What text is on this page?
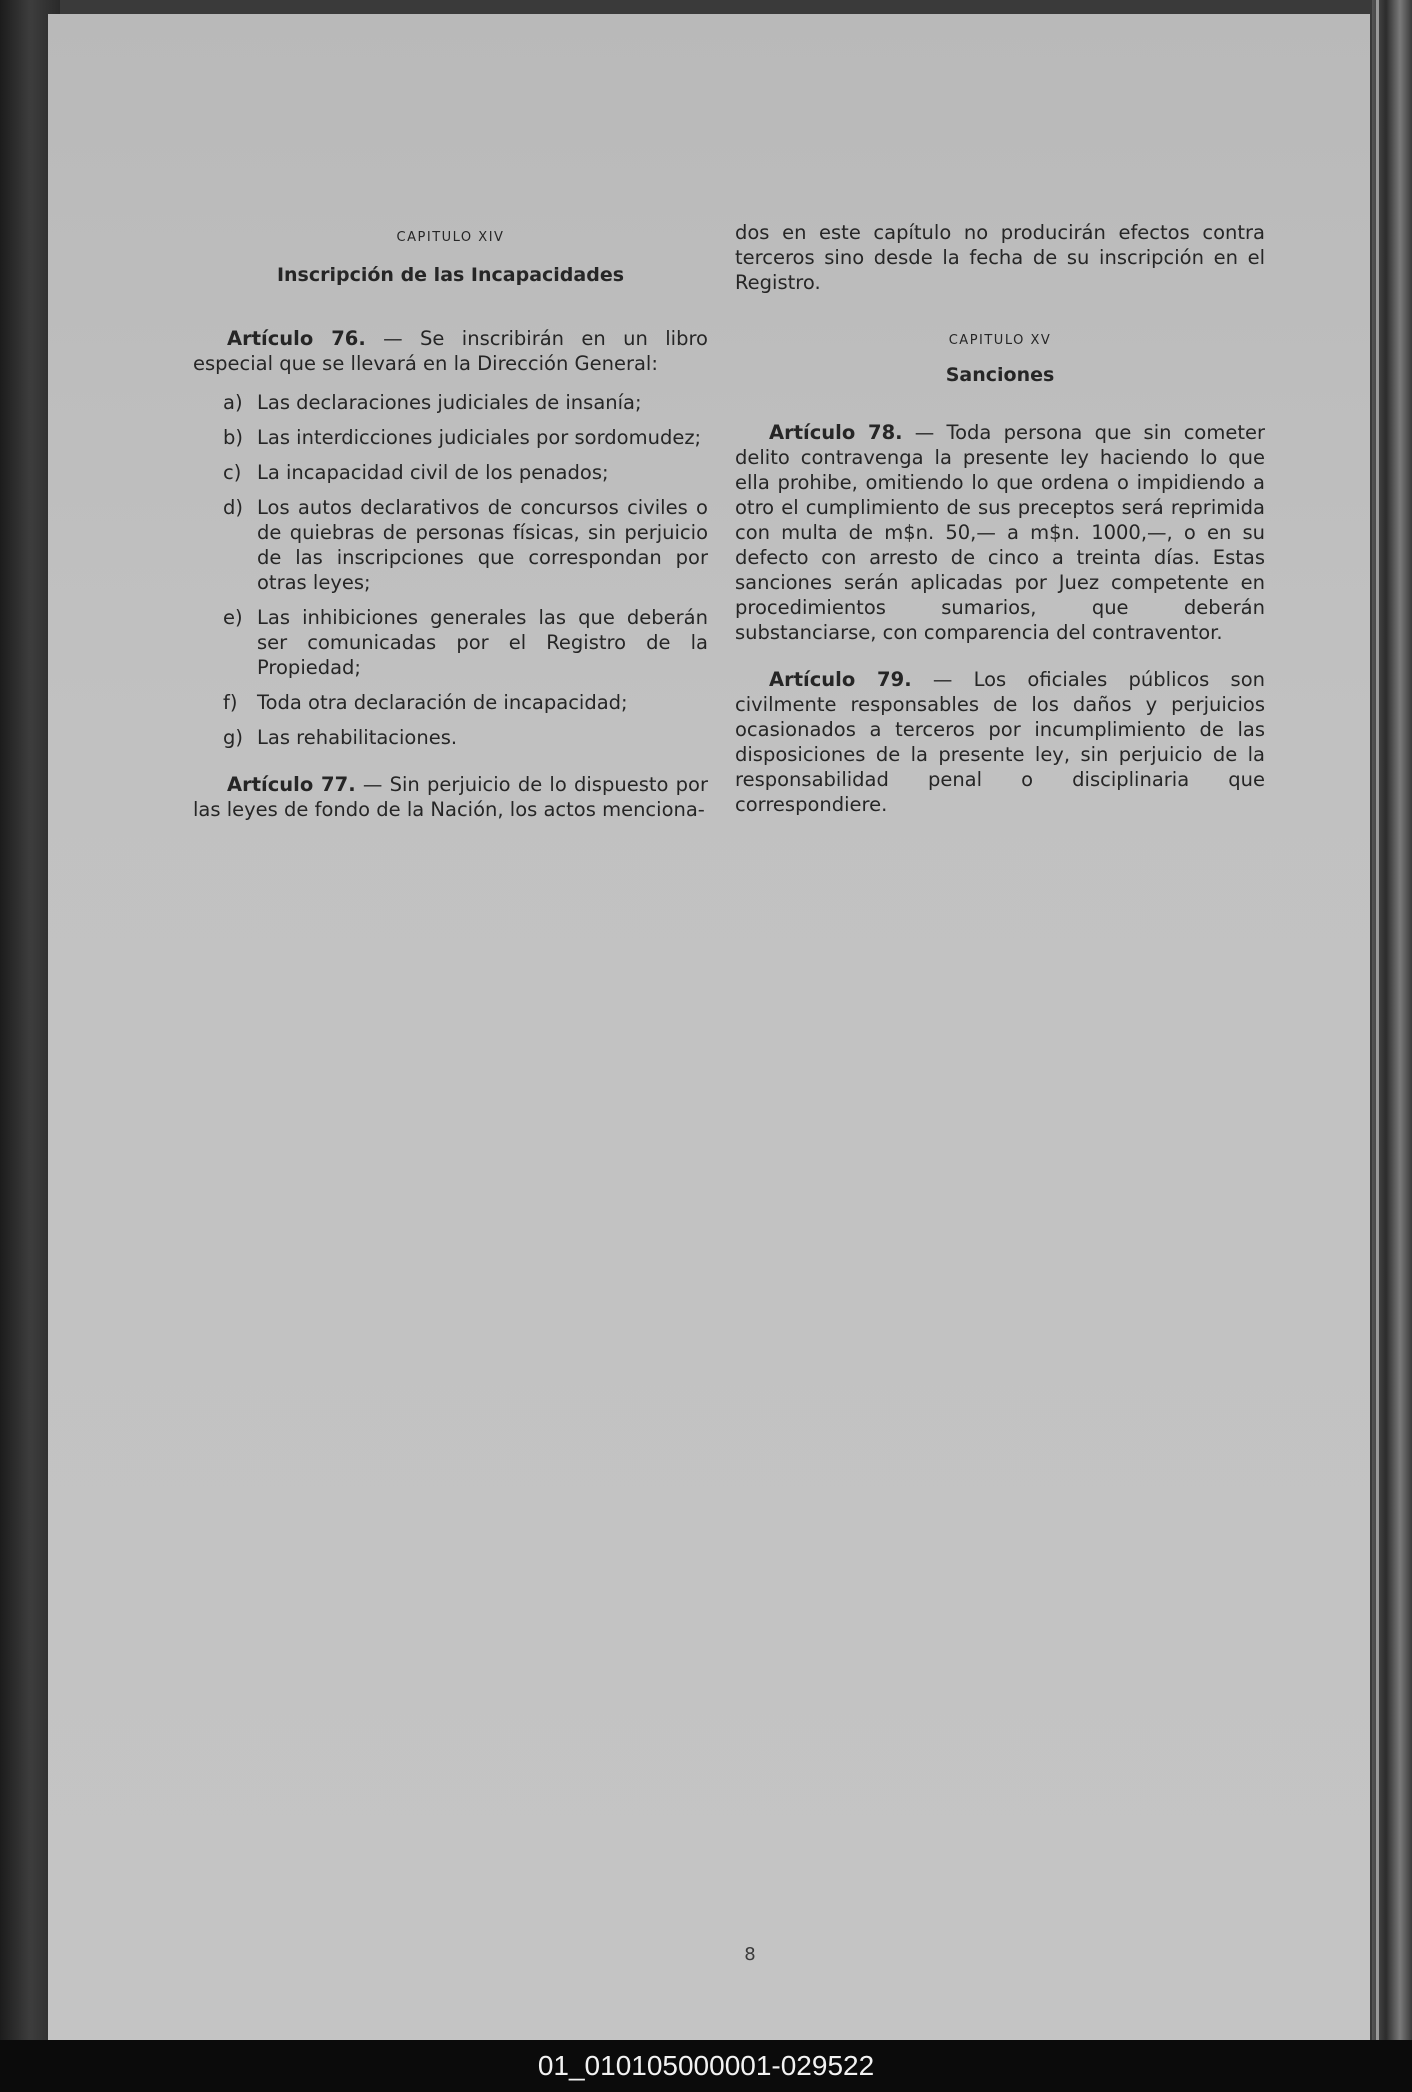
CAPITULO XIV

Inscripción de las Incapacidades

Artículo 76. — Se inscribirán en un libro especial que se llevará en la Dirección General:

a) Las declaraciones judiciales de insanía;
b) Las interdicciones judiciales por sordomudez;
c) La incapacidad civil de los penados;
d) Los autos declarativos de concursos civiles o de quiebras de personas físicas, sin perjuicio de las inscripciones que correspondan por otras leyes;
e) Las inhibiciones generales las que deberán ser comunicadas por el Registro de la Propiedad;
f)	Toda otra declaración de incapacidad;
g) Las rehabilitaciones.

Artículo 77. — Sin perjuicio de lo dispuesto por las leyes de fondo de la Nación, los actos menciona-

dos en este capítulo no producirán efectos contra terceros sino desde la fecha de su inscripción en el Registro.

CAPITULO XV

Sanciones

Artículo 78. — Toda persona que sin cometer delito contravenga la presente ley haciendo lo que ella prohibe, omitiendo lo que ordena o impidiendo a otro el cumplimiento de sus preceptos será reprimida con multa de m$n. 50,— a m$n. 1000,—, o en su defecto con arresto de cinco a treinta días. Estas sanciones serán aplicadas por Juez competente en procedimientos sumarios, que deberán substanciarse, con comparencia del contraventor.

Artículo 79. — Los oficiales públicos son civilmente responsables de los daños y perjuicios ocasionados a terceros por incumplimiento de las disposiciones de la presente ley, sin perjuicio de la responsabilidad penal o disciplinaria que correspondiere.

8
01_010105000001-029522
